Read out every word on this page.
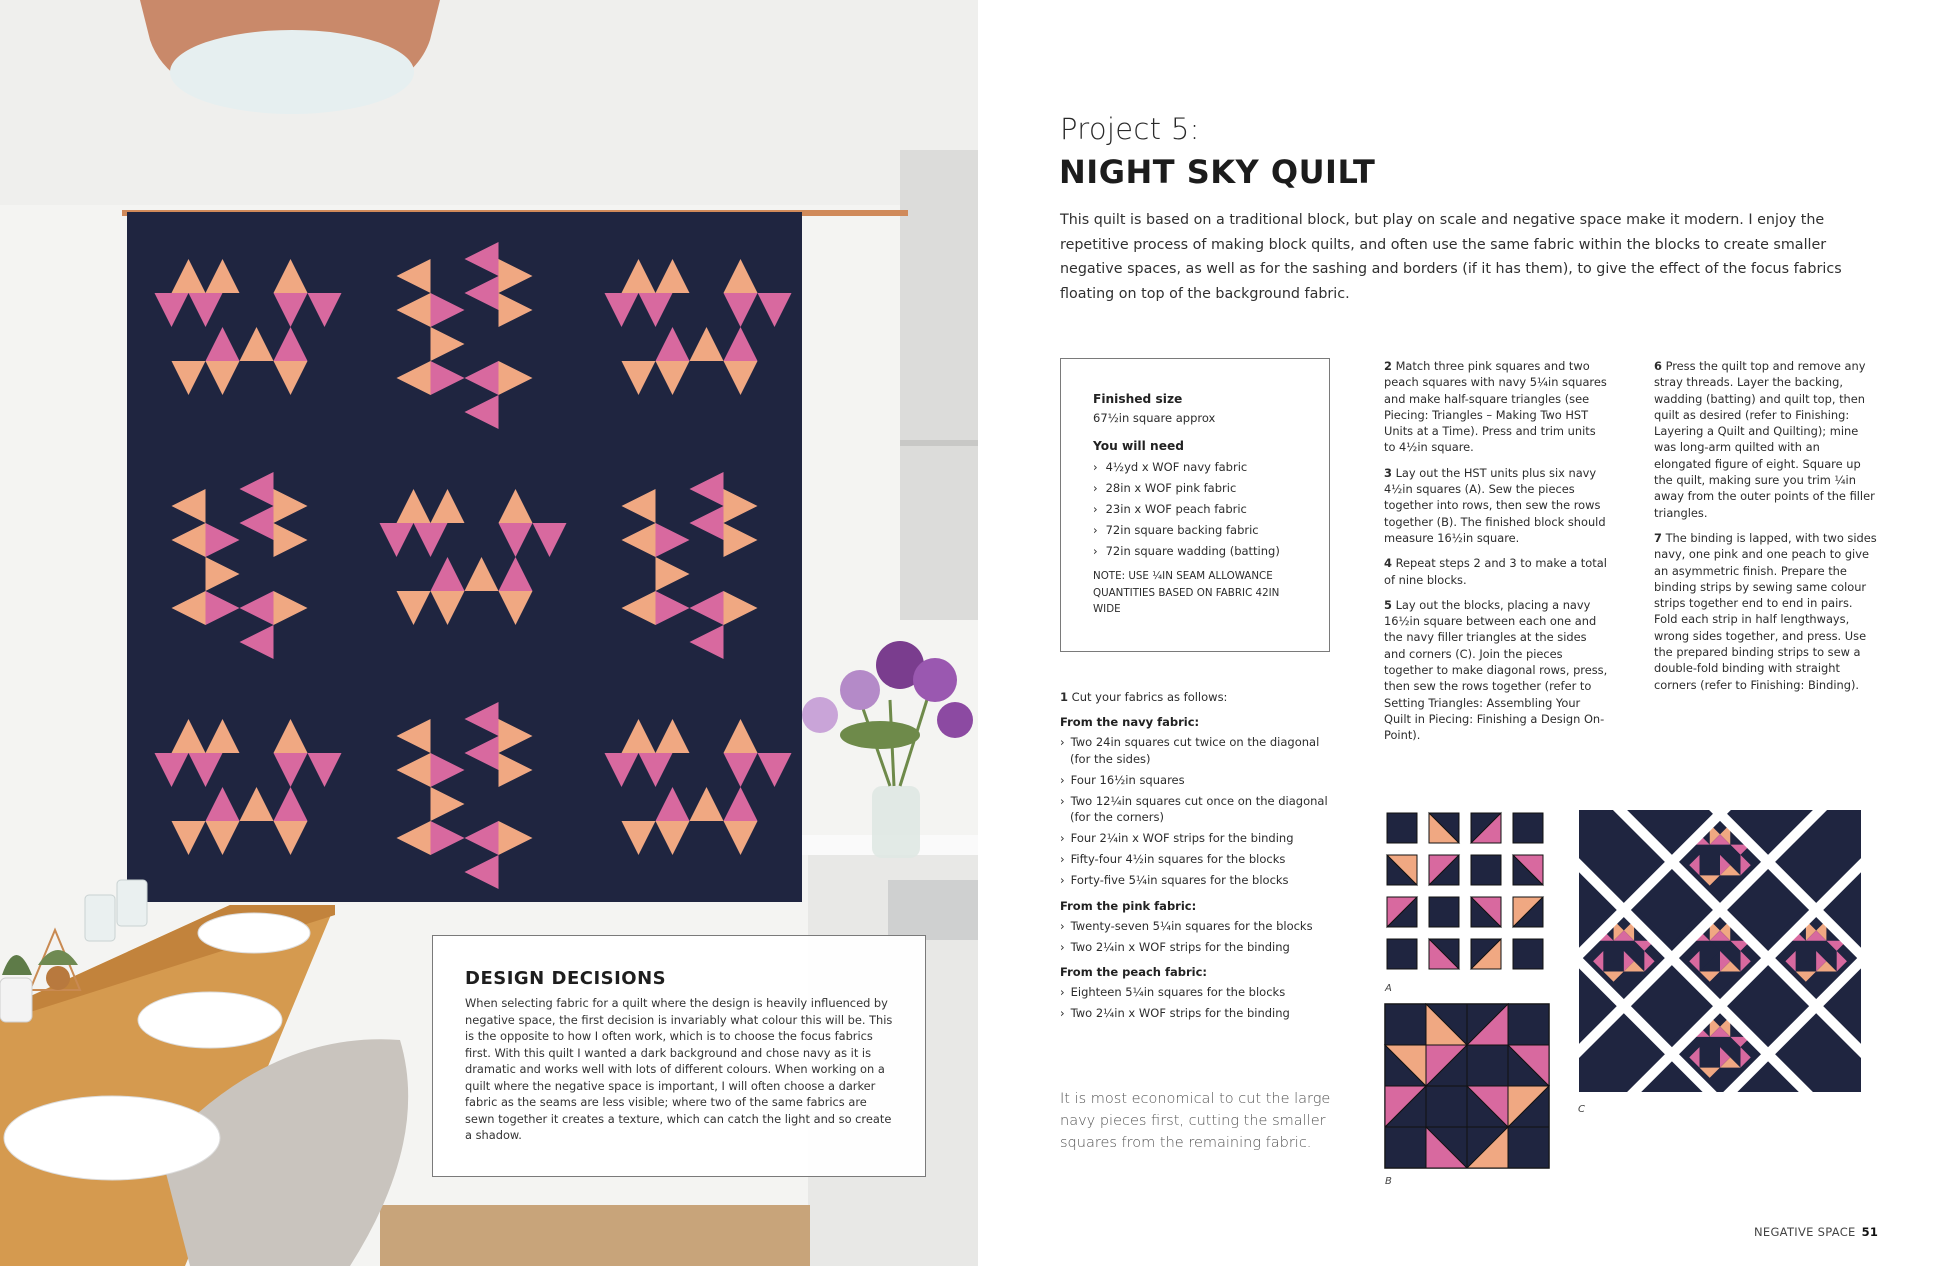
DESIGN DECISIONS

When selecting fabric for a quilt where the design is heavily influenced by negative space, the first decision is invariably what colour this will be. This is the opposite to how I often work, which is to choose the focus fabrics first. With this quilt I wanted a dark background and chose navy as it is dramatic and works well with lots of different colours. When working on a quilt where the negative space is important, I will often choose a darker fabric as the seams are less visible; where two of the same fabrics are sewn together it creates a texture, which can catch the light and so create a shadow.

Project 5:
NIGHT SKY QUILT

This quilt is based on a traditional block, but play on scale and negative space make it modern. I enjoy the repetitive process of making block quilts, and often use the same fabric within the blocks to create smaller negative spaces, as well as for the sashing and borders (if it has them), to give the effect of the focus fabrics floating on top of the background fabric.

Finished size

67½in square approx

You will need

› 4½yd x WOF navy fabric
› 28in x WOF pink fabric
› 23in x WOF peach fabric
› 72in square backing fabric
› 72in square wadding (batting)
NOTE: USE ¼IN SEAM ALLOWANCE QUANTITIES BASED ON FABRIC 42IN WIDE

1 Cut your fabrics as follows:

From the navy fabric:

› Two 24in squares cut twice on the diagonal (for the sides)
› Four 16½in squares
› Two 12¼in squares cut once on the diagonal (for the corners)
› Four 2¼in x WOF strips for the binding
› Fifty-four 4½in squares for the blocks
› Forty-five 5¼in squares for the blocks

From the pink fabric:

› Twenty-seven 5¼in squares for the blocks
› Two 2¼in x WOF strips for the binding

From the peach fabric:

› Eighteen 5¼in squares for the blocks
› Two 2¼in x WOF strips for the binding

2 Match three pink squares and two peach squares with navy 5¼in squares and make half-square triangles (see Piecing: Triangles – Making Two HST Units at a Time). Press and trim units to 4½in square.

3 Lay out the HST units plus six navy 4½in squares (A). Sew the pieces together into rows, then sew the rows together (B). The finished block should measure 16½in square.

4 Repeat steps 2 and 3 to make a total of nine blocks.

5 Lay out the blocks, placing a navy 16½in square between each one and the navy filler triangles at the sides and corners (C). Join the pieces together to make diagonal rows, press, then sew the rows together (refer to Setting Triangles: Assembling Your Quilt in Piecing: Finishing a Design On-Point).

6 Press the quilt top and remove any stray threads. Layer the backing, wadding (batting) and quilt top, then quilt as desired (refer to Finishing: Layering a Quilt and Quilting); mine was long-arm quilted with an elongated figure of eight. Square up the quilt, making sure you trim ¼in away from the outer points of the filler triangles.

7 The binding is lapped, with two sides navy, one pink and one peach to give an asymmetric finish. Prepare the binding strips by sewing same colour strips together end to end in pairs. Fold each strip in half lengthways, wrong sides together, and press. Use the prepared binding strips to sew a double-fold binding with straight corners (refer to Finishing: Binding).

It is most economical to cut the large navy pieces first, cutting the smaller squares from the remaining fabric.
A
B
C
NEGATIVE SPACE 51
